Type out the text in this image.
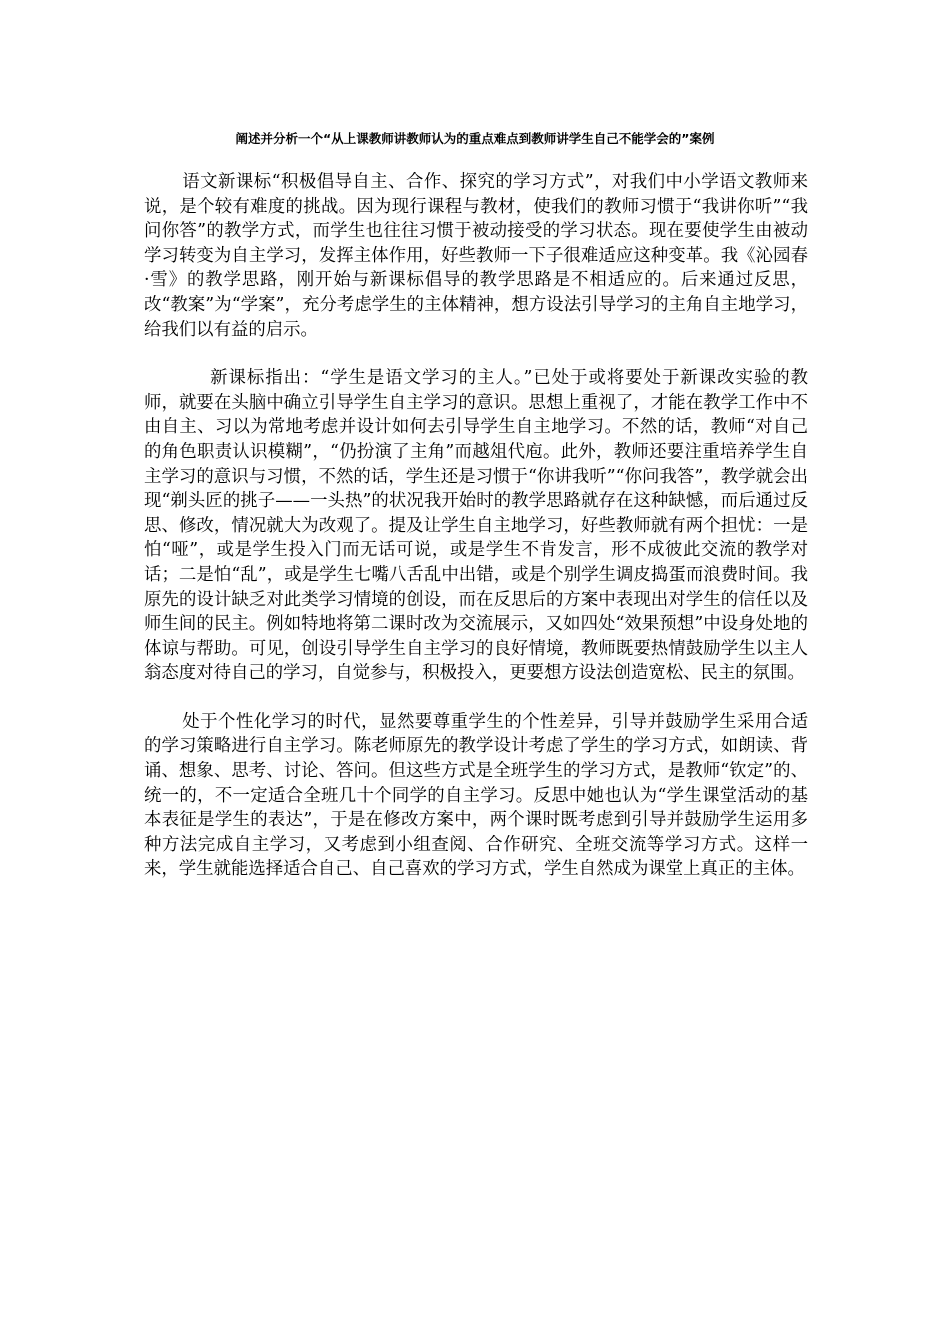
阐述并分析一个“从上课教师讲教师认为的重点难点到教师讲学生自己不能学会的”案例

语文新课标“积极倡导自主、合作、探究的学习方式”，对我们中小学语文教师来说，是个较有难度的挑战。因为现行课程与教材，使我们的教师习惯于“我讲你听”“我问你答”的教学方式，而学生也往往习惯于被动接受的学习状态。现在要使学生由被动学习转变为自主学习，发挥主体作用，好些教师一下子很难适应这种变革。我《沁园春·雪》的教学思路，刚开始与新课标倡导的教学思路是不相适应的。后来通过反思，改“教案”为“学案”，充分考虑学生的主体精神，想方设法引导学习的主角自主地学习，给我们以有益的启示。

新课标指出：“学生是语文学习的主人。”已处于或将要处于新课改实验的教师，就要在头脑中确立引导学生自主学习的意识。思想上重视了，才能在教学工作中不由自主、习以为常地考虑并设计如何去引导学生自主地学习。不然的话，教师“对自己的角色职责认识模糊”，“仍扮演了主角”而越俎代庖。此外，教师还要注重培养学生自主学习的意识与习惯，不然的话，学生还是习惯于“你讲我听”“你问我答”，教学就会出现“剃头匠的挑子——一头热”的状况我开始时的教学思路就存在这种缺憾，而后通过反思、修改，情况就大为改观了。提及让学生自主地学习，好些教师就有两个担忧：一是怕“哑”，或是学生投入门而无话可说，或是学生不肯发言，形不成彼此交流的教学对话；二是怕“乱”，或是学生七嘴八舌乱中出错，或是个别学生调皮捣蛋而浪费时间。我原先的设计缺乏对此类学习情境的创设，而在反思后的方案中表现出对学生的信任以及师生间的民主。例如特地将第二课时改为交流展示，又如四处“效果预想”中设身处地的体谅与帮助。可见，创设引导学生自主学习的良好情境，教师既要热情鼓励学生以主人翁态度对待自己的学习，自觉参与，积极投入，更要想方设法创造宽松、民主的氛围。

处于个性化学习的时代，显然要尊重学生的个性差异，引导并鼓励学生采用合适的学习策略进行自主学习。陈老师原先的教学设计考虑了学生的学习方式，如朗读、背诵、想象、思考、讨论、答问。但这些方式是全班学生的学习方式，是教师“钦定”的、统一的，不一定适合全班几十个同学的自主学习。反思中她也认为“学生课堂活动的基本表征是学生的表达”，于是在修改方案中，两个课时既考虑到引导并鼓励学生运用多种方法完成自主学习，又考虑到小组查阅、合作研究、全班交流等学习方式。这样一来，学生就能选择适合自己、自己喜欢的学习方式，学生自然成为课堂上真正的主体。
